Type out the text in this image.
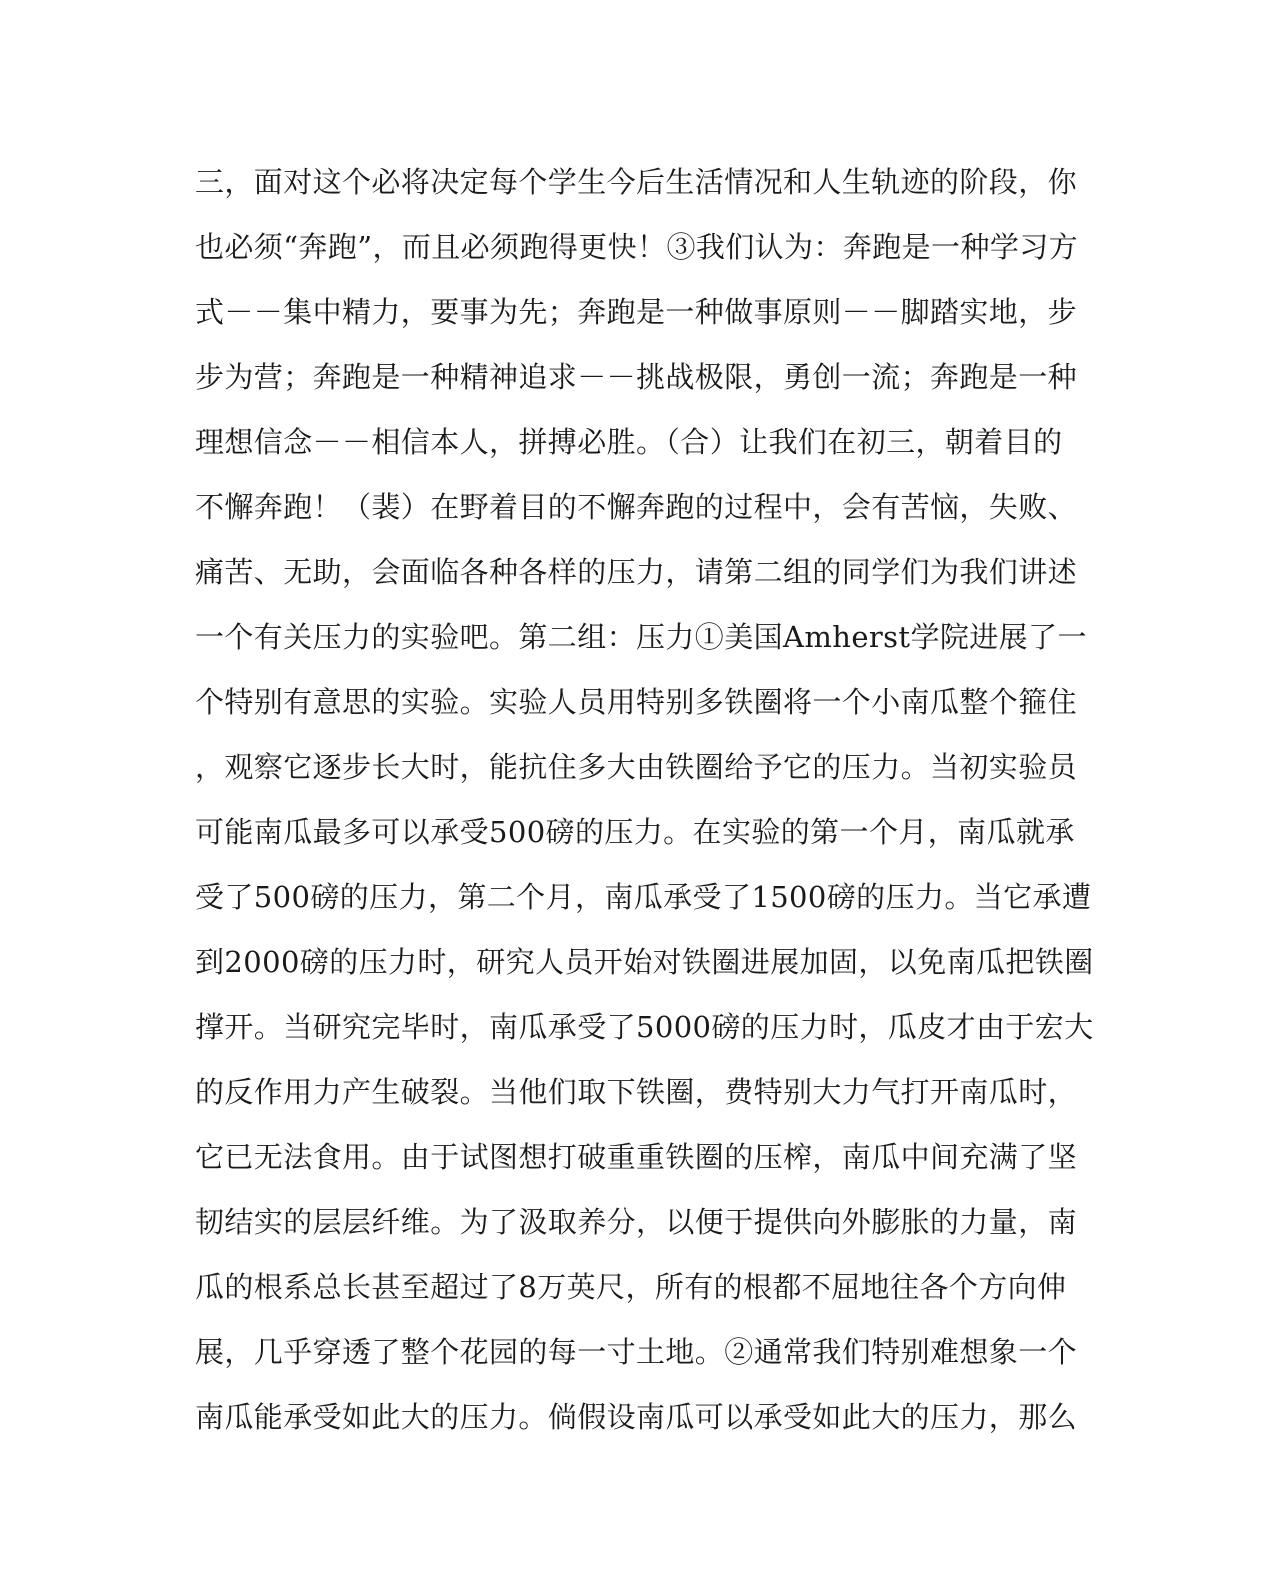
三，面对这个必将决定每个学生今后生活情况和人生轨迹的阶段，你
也必须“奔跑”，而且必须跑得更快！③我们认为：奔跑是一种学习方
式－－集中精力，要事为先；奔跑是一种做事原则－－脚踏实地，步
步为营；奔跑是一种精神追求－－挑战极限，勇创一流；奔跑是一种
理想信念－－相信本人，拼搏必胜。（合）让我们在初三，朝着目的
不懈奔跑！（裴）在野着目的不懈奔跑的过程中，会有苦恼，失败、
痛苦、无助，会面临各种各样的压力，请第二组的同学们为我们讲述
一个有关压力的实验吧。第二组：压力①美国Amherst学院进展了一
个特别有意思的实验。实验人员用特别多铁圈将一个小南瓜整个箍住
，观察它逐步长大时，能抗住多大由铁圈给予它的压力。当初实验员
可能南瓜最多可以承受500磅的压力。在实验的第一个月，南瓜就承
受了500磅的压力，第二个月，南瓜承受了1500磅的压力。当它承遭
到2000磅的压力时，研究人员开始对铁圈进展加固，以免南瓜把铁圈
撑开。当研究完毕时，南瓜承受了5000磅的压力时，瓜皮才由于宏大
的反作用力产生破裂。当他们取下铁圈，费特别大力气打开南瓜时，
它已无法食用。由于试图想打破重重铁圈的压榨，南瓜中间充满了坚
韧结实的层层纤维。为了汲取养分，以便于提供向外膨胀的力量，南
瓜的根系总长甚至超过了8万英尺，所有的根都不屈地往各个方向伸
展，几乎穿透了整个花园的每一寸土地。②通常我们特别难想象一个
南瓜能承受如此大的压力。倘假设南瓜可以承受如此大的压力，那么
